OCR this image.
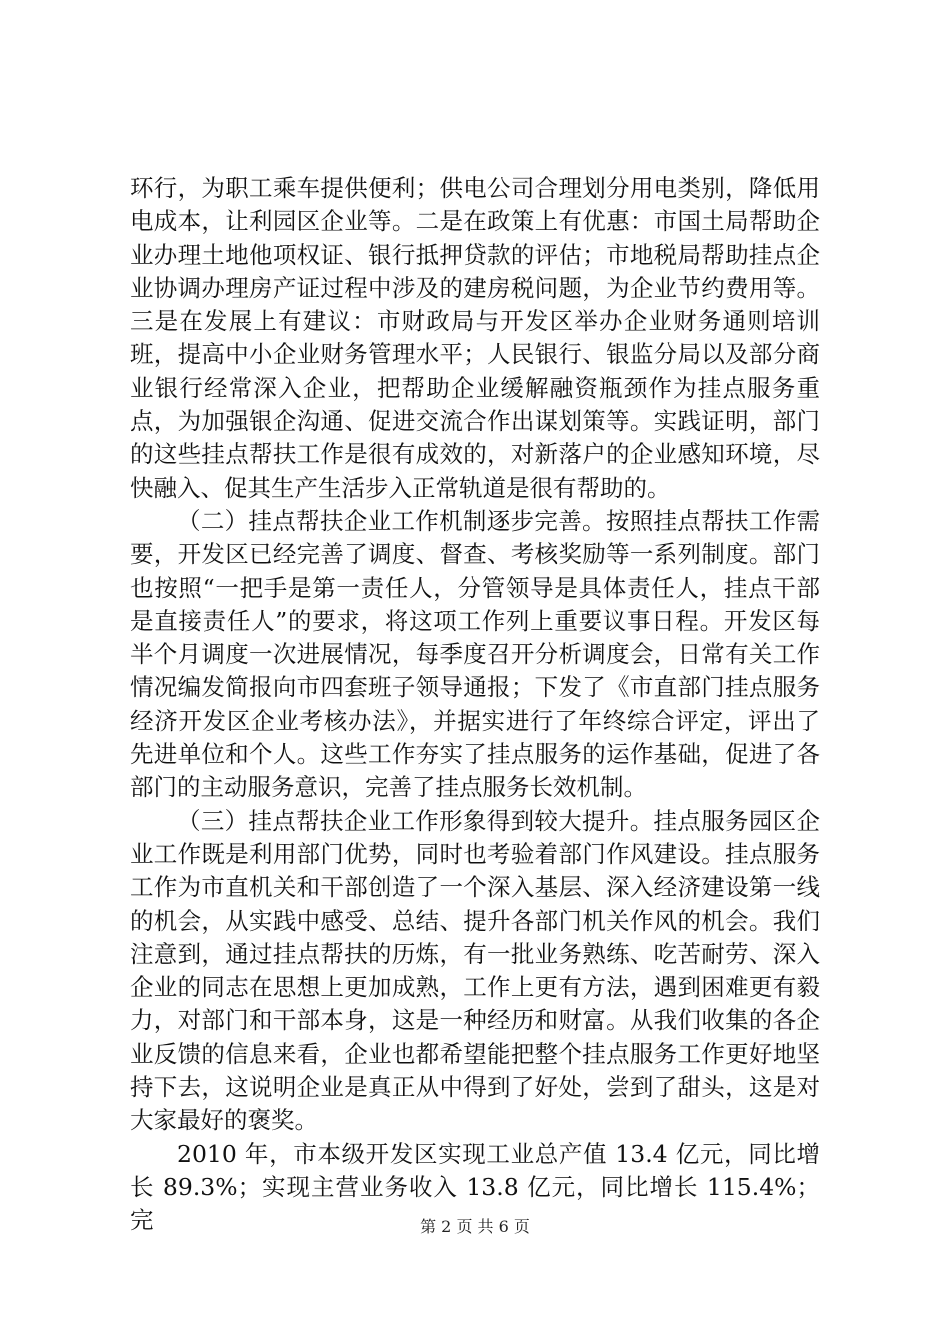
环行，为职工乘车提供便利；供电公司合理划分用电类别，降低用电成本，让利园区企业等。二是在政策上有优惠：市国土局帮助企业办理土地他项权证、银行抵押贷款的评估；市地税局帮助挂点企业协调办理房产证过程中涉及的建房税问题，为企业节约费用等。三是在发展上有建议：市财政局与开发区举办企业财务通则培训班，提高中小企业财务管理水平；人民银行、银监分局以及部分商业银行经常深入企业，把帮助企业缓解融资瓶颈作为挂点服务重点，为加强银企沟通、促进交流合作出谋划策等。实践证明，部门的这些挂点帮扶工作是很有成效的，对新落户的企业感知环境，尽快融入、促其生产生活步入正常轨道是很有帮助的。

（二）挂点帮扶企业工作机制逐步完善。按照挂点帮扶工作需要，开发区已经完善了调度、督查、考核奖励等一系列制度。部门也按照“一把手是第一责任人，分管领导是具体责任人，挂点干部是直接责任人”的要求，将这项工作列上重要议事日程。开发区每半个月调度一次进展情况，每季度召开分析调度会，日常有关工作情况编发简报向市四套班子领导通报；下发了《市直部门挂点服务经济开发区企业考核办法》，并据实进行了年终综合评定，评出了先进单位和个人。这些工作夯实了挂点服务的运作基础，促进了各部门的主动服务意识，完善了挂点服务长效机制。

（三）挂点帮扶企业工作形象得到较大提升。挂点服务园区企业工作既是利用部门优势，同时也考验着部门作风建设。挂点服务工作为市直机关和干部创造了一个深入基层、深入经济建设第一线的机会，从实践中感受、总结、提升各部门机关作风的机会。我们注意到，通过挂点帮扶的历炼，有一批业务熟练、吃苦耐劳、深入企业的同志在思想上更加成熟，工作上更有方法，遇到困难更有毅力，对部门和干部本身，这是一种经历和财富。从我们收集的各企业反馈的信息来看，企业也都希望能把整个挂点服务工作更好地坚持下去，这说明企业是真正从中得到了好处，尝到了甜头，这是对大家最好的褒奖。

2010 年，市本级开发区实现工业总产值 13.4 亿元，同比增长 89.3%；实现主营业务收入 13.8 亿元，同比增长 115.4%；完	第 2 页 共 6 页
